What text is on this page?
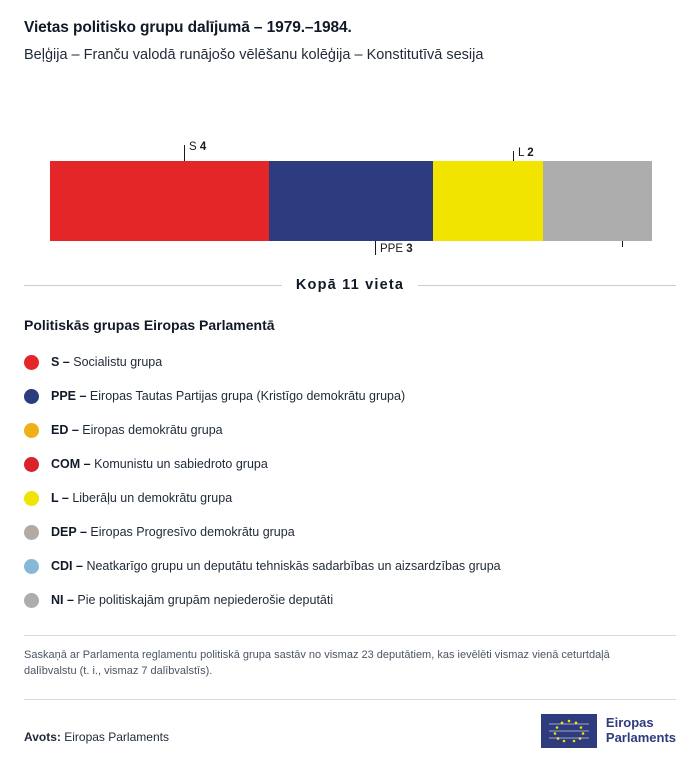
Vietas politisko grupu dalījumā – 1979.–1984.
Beļģija – Franču valodā runājošo vēlēšanu kolēģija – Konstitutīvā sesija
S 4
PPE 3
L 2
Kopā 11 vieta
Politiskās grupas Eiropas Parlamentā
S – Socialistu grupa
PPE – Eiropas Tautas Partijas grupa (Kristīgo demokrātu grupa)
ED – Eiropas demokrātu grupa
COM – Komunistu un sabiedroto grupa
L – Liberāļu un demokrātu grupa
DEP – Eiropas Progresīvo demokrātu grupa
CDI – Neatkarīgo grupu un deputātu tehniskās sadarbības un aizsardzības grupa
NI – Pie politiskajām grupām nepiederošie deputāti
Saskaņā ar Parlamenta reglamentu politiskā grupa sastāv no vismaz 23 deputātiem, kas ievēlēti vismaz vienā ceturtdaļā dalībvalstu (t. i., vismaz 7 dalībvalstīs).
Avots: Eiropas Parlaments
Eiropas
Parlaments
